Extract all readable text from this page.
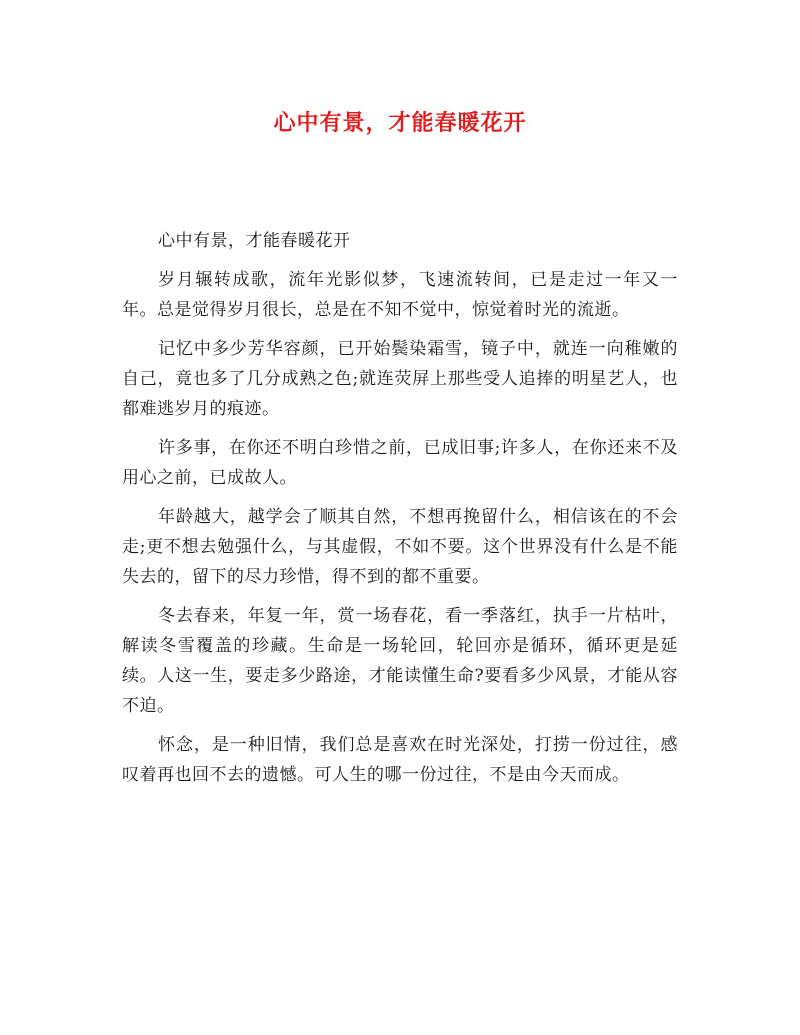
心中有景，才能春暖花开

心中有景，才能春暖花开

岁月辗转成歌，流年光影似梦，飞速流转间，已是走过一年又一年。总是觉得岁月很长，总是在不知不觉中，惊觉着时光的流逝。

记忆中多少芳华容颜，已开始鬓染霜雪，镜子中，就连一向稚嫩的自己，竟也多了几分成熟之色;就连荧屏上那些受人追捧的明星艺人，也都难逃岁月的痕迹。

许多事，在你还不明白珍惜之前，已成旧事;许多人，在你还来不及用心之前，已成故人。

年龄越大，越学会了顺其自然，不想再挽留什么，相信该在的不会走;更不想去勉强什么，与其虚假，不如不要。这个世界没有什么是不能失去的，留下的尽力珍惜，得不到的都不重要。

冬去春来，年复一年，赏一场春花，看一季落红，执手一片枯叶，解读冬雪覆盖的珍藏。生命是一场轮回，轮回亦是循环，循环更是延续。人这一生，要走多少路途，才能读懂生命?要看多少风景，才能从容不迫。

怀念，是一种旧情，我们总是喜欢在时光深处，打捞一份过往，感叹着再也回不去的遗憾。可人生的哪一份过往，不是由今天而成。
